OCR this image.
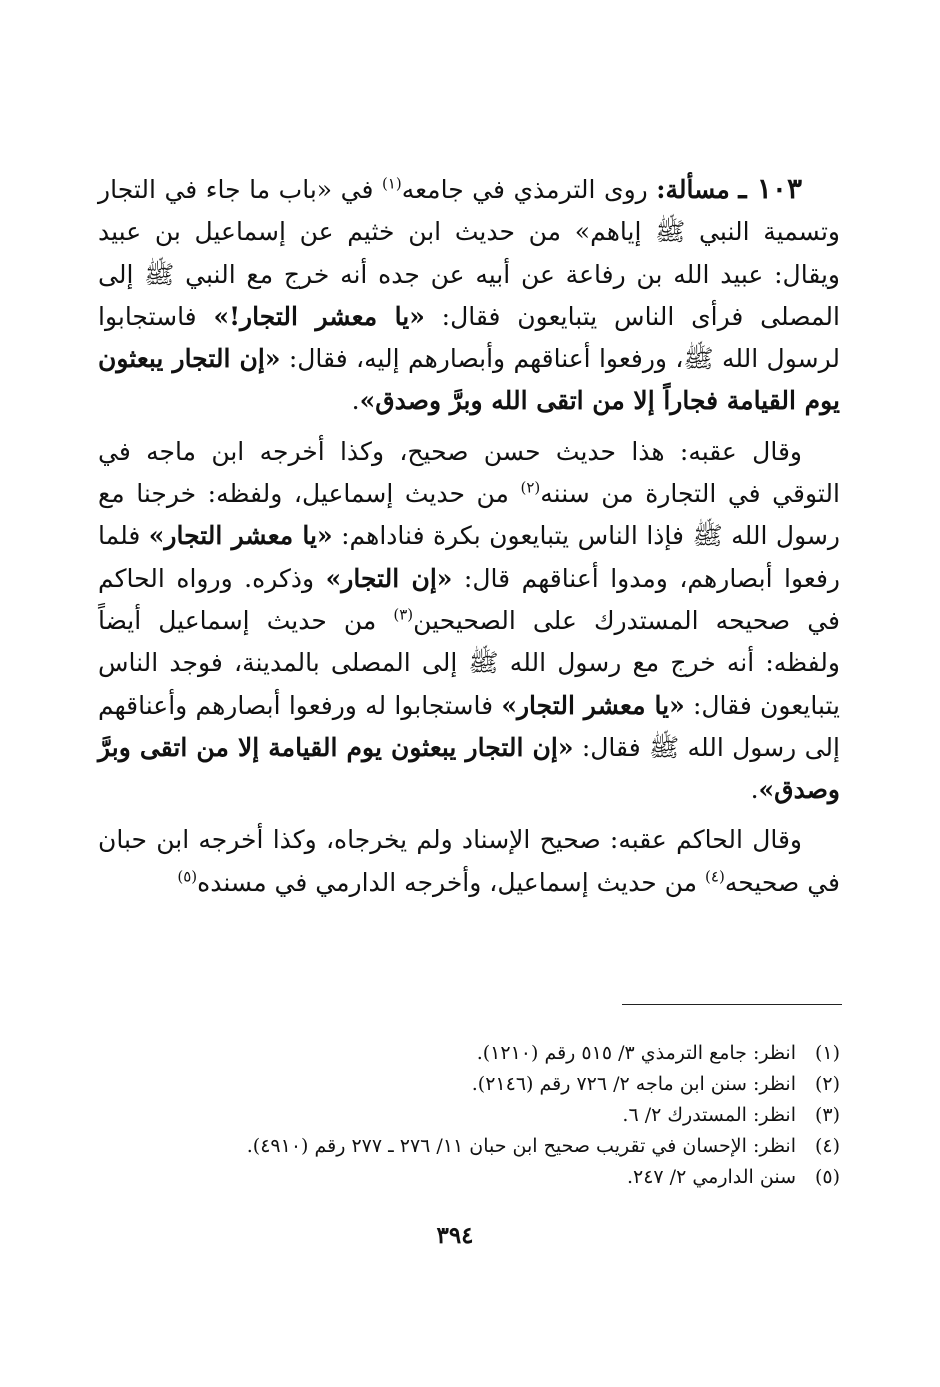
١٠٣ ـ مسألة: روى الترمذي في جامعه$^{(١)}$ في «باب ما جاء في التجار وتسمية النبي ﷺ إياهم» من حديث ابن خثيم عن إسماعيل بن عبيد ويقال: عبيد الله بن رفاعة عن أبيه عن جده أنه خرج مع النبي ﷺ إلى المصلى فرأى الناس يتبايعون فقال: «يا معشر التجار!» فاستجابوا لرسول الله ﷺ، ورفعوا أعناقهم وأبصارهم إليه، فقال: «إن التجار يبعثون يوم القيامة فجاراً إلا من اتقى الله وبرَّ وصدق».

وقال عقبه: هذا حديث حسن صحيح، وكذا أخرجه ابن ماجه في التوقي في التجارة من سننه$^{(٢)}$ من حديث إسماعيل، ولفظه: خرجنا مع رسول الله ﷺ فإذا الناس يتبايعون بكرة فناداهم: «يا معشر التجار» فلما رفعوا أبصارهم، ومدوا أعناقهم قال: «إن التجار» وذكره. ورواه الحاكم في صحيحه المستدرك على الصحيحين$^{(٣)}$ من حديث إسماعيل أيضاً ولفظه: أنه خرج مع رسول الله ﷺ إلى المصلى بالمدينة، فوجد الناس يتبايعون فقال: «يا معشر التجار» فاستجابوا له ورفعوا أبصارهم وأعناقهم إلى رسول الله ﷺ فقال: «إن التجار يبعثون يوم القيامة إلا من اتقى وبرَّ وصدق».

وقال الحاكم عقبه: صحيح الإسناد ولم يخرجاه، وكذا أخرجه ابن حبان في صحيحه$^{(٤)}$ من حديث إسماعيل، وأخرجه الدارمي في مسنده$^{(٥)}$

(١)
انظر: جامع الترمذي ٣/ ٥١٥ رقم (١٢١٠).
(٢)
انظر: سنن ابن ماجه ٢/ ٧٢٦ رقم (٢١٤٦).
(٣)
انظر: المستدرك ٢/ ٦.
(٤)
انظر: الإحسان في تقريب صحيح ابن حبان ١١/ ٢٧٦ ـ ٢٧٧ رقم (٤٩١٠).
(٥)
سنن الدارمي ٢/ ٢٤٧.
٣٩٤
